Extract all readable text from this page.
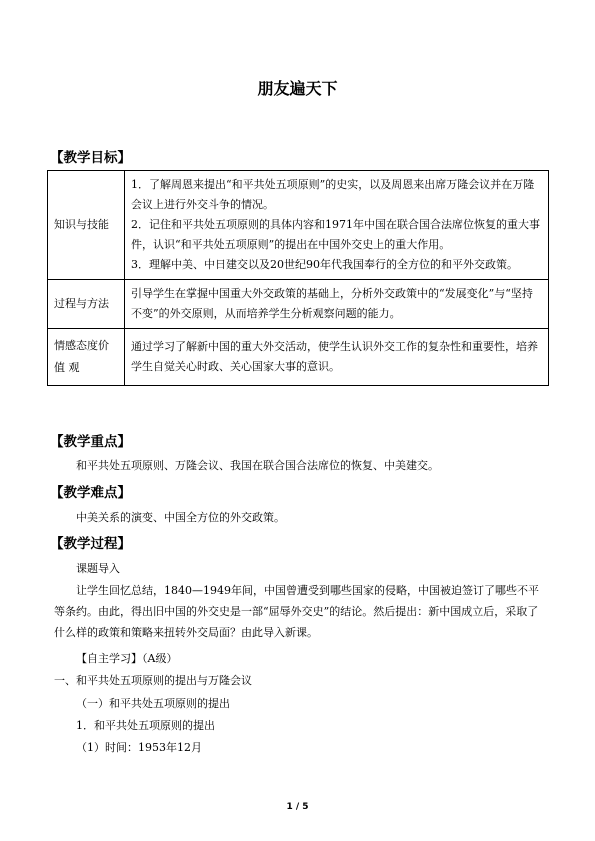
朋友遍天下
【教学目标】
知识与技能	1．了解周恩来提出“和平共处五项原则”的史实，以及周恩来出席万隆会议并在万隆会议上进行外交斗争的情况。
2．记住和平共处五项原则的具体内容和1971年中国在联合国合法席位恢复的重大事件，认识“和平共处五项原则”的提出在中国外交史上的重大作用。
3．理解中美、中日建交以及20世纪90年代我国奉行的全方位的和平外交政策。

过程与方法	引导学生在掌握中国重大外交政策的基础上，分析外交政策中的“发展变化”与“坚持不变”的外交原则，从而培养学生分析观察问题的能力。

情感态度价值 观	通过学习了解新中国的重大外交活动，使学生认识外交工作的复杂性和重要性，培养学生自觉关心时政、关心国家大事的意识。
【教学重点】

和平共处五项原则、万隆会议、我国在联合国合法席位的恢复、中美建交。

【教学难点】

中美关系的演变、中国全方位的外交政策。

【教学过程】

课题导入

让学生回忆总结，1840—1949年间，中国曾遭受到哪些国家的侵略，中国被迫签订了哪些不平等条约。由此，得出旧中国的外交史是一部“屈辱外交史”的结论。然后提出：新中国成立后，采取了什么样的政策和策略来扭转外交局面？由此导入新课。

【自主学习】（A级）

一、和平共处五项原则的提出与万隆会议

（一）和平共处五项原则的提出

1．和平共处五项原则的提出

（1）时间：1953年12月

1 / 5
